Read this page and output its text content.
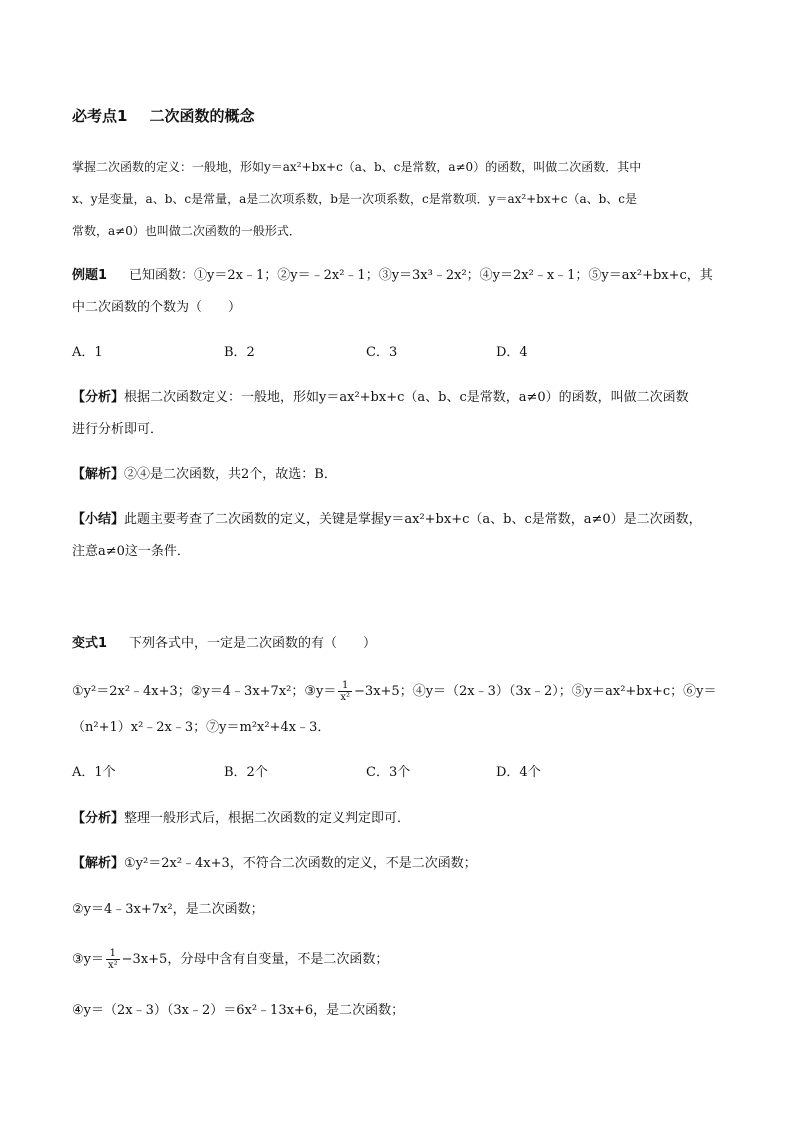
必考点1 二次函数的概念
掌握二次函数的定义：一般地，形如y＝ax²+bx+c（a、b、c是常数，a≠0）的函数，叫做二次函数．其中
x、y是变量，a、b、c是常量，a是二次项系数，b是一次项系数，c是常数项．y＝ax²+bx+c（a、b、c是
常数，a≠0）也叫做二次函数的一般形式．
例题1 已知函数：①y＝2x﹣1；②y＝﹣2x²﹣1；③y＝3x³﹣2x²；④y＝2x²﹣x﹣1；⑤y＝ax²+bx+c，其
中二次函数的个数为（　　）
A．1	B．2	C．3	D．4
【分析】根据二次函数定义：一般地，形如y＝ax²+bx+c（a、b、c是常数，a≠0）的函数，叫做二次函数
进行分析即可．
【解析】②④是二次函数，共2个，故选：B．
【小结】此题主要考查了二次函数的定义，关键是掌握y＝ax²+bx+c（a、b、c是常数，a≠0）是二次函数，
注意a≠0这一条件．
变式1 下列各式中，一定是二次函数的有（　　）
①y²＝2x²﹣4x+3；②y＝4﹣3x+7x²；③y＝ $\frac{1}{\text{x²}} -3x+5$；④y＝（2x﹣3）（3x﹣2）；⑤y＝ax²+bx+c；⑥y＝
（n²+1）x²﹣2x﹣3；⑦y＝m²x²+4x﹣3．
A．1个	B．2个	C．3个	D．4个
【分析】整理一般形式后，根据二次函数的定义判定即可．
【解析】①y²＝2x²﹣4x+3，不符合二次函数的定义，不是二次函数；
②y＝4﹣3x+7x²，是二次函数；
③y＝ $\frac{1}{\text{x²}} -3x+5$，分母中含有自变量，不是二次函数；
④y＝（2x﹣3）（3x﹣2）＝6x²﹣13x+6，是二次函数；
